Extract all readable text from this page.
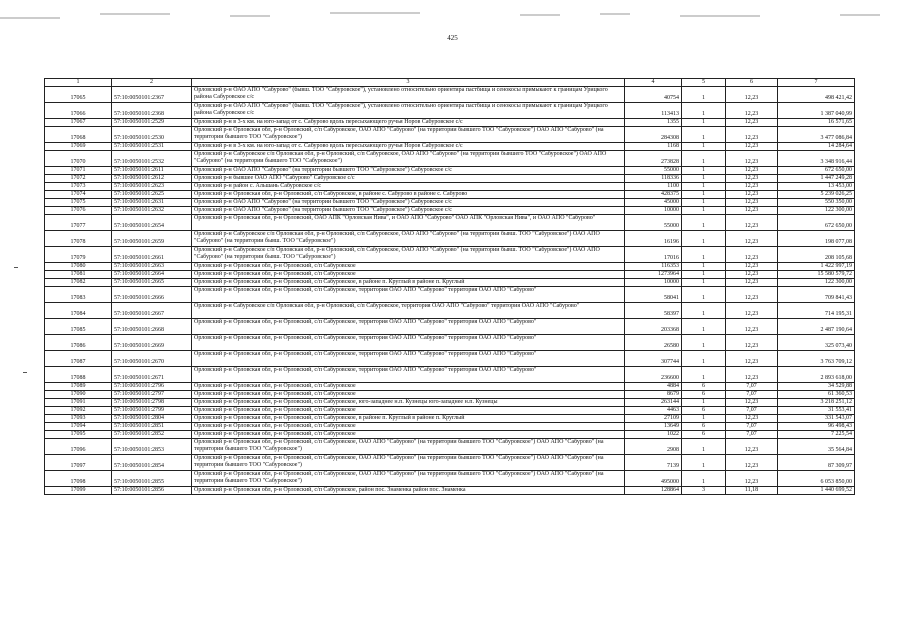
425
1	2	3	4	5	6	7
17065	57:10:0050101:2367	Орловский р-н ОАО АПО "Сабурово" (бывш. ТОО "Сабуровское"), установлено относительно ориентира пастбища и сенокосы примыкают к границам Урицкого района Сабуровское с/с	40754	1	12,23	498 421,42
17066	57:10:0050101:2368	Орловский р-н ОАО АПО "Сабурово" (бывш. ТОО "Сабуровское"), установлено относительно ориентира пастбища и сенокосы примыкают к границам Урицкого района Сабуровское с/с	113413	1	12,23	1 387 040,99
17067	57:10:0050101:2529	Орловский р-н в 3-х км. на юго-запад от с. Сабурово вдоль пересыхающего ручья Норов Сабуровское с/с	1355	1	12,23	16 571,65
17068	57:10:0050101:2530	Орловский р-н Орловская обл, р-н Орловский, с/п Сабуровское, ОАО АПО "Сабурово" (на территории бывшего ТОО "Сабуровское") ОАО АПО "Сабурово" (на территории бывшего ТОО "Сабуровское")	284308	1	12,23	3 477 086,84
17069	57:10:0050101:2531	Орловский р-н в 3-х км. на юго-запад от с. Сабурово вдоль пересыхающего ручья Норов Сабуровское с/с	1168	1	12,23	14 284,64
17070	57:10:0050101:2532	Орловский р-н Сабуровское с/п Орловская обл, р-н Орловский, с/п Сабуровское, ОАО АПО "Сабурово" (на территории бывшего ТОО "Сабуровское") ОАО АПО "Сабурово" (на территории бывшего ТОО "Сабуровское")	273828	1	12,23	3 348 916,44
17071	57:10:0050101:2611	Орловский р-н ОАО АПО "Сабурово" (на территории бывшего ТОО "Сабуровское") Сабуровское с/с	55000	1	12,23	672 650,00
17072	57:10:0050101:2612	Орловский р-н бывшее ОАО АПО "Сабурово" Сабуровское с/с	118336	1	12,23	1 447 249,28
17073	57:10:0050101:2623	Орловский р-н район с. Альшань Сабуровское с/с	1100	1	12,23	13 453,00
17074	57:10:0050101:2625	Орловский р-н Орловская обл, р-н Орловский, с/п Сабуровское, в районе с. Сабурово в районе с. Сабурово	428375	1	12,23	5 239 026,25
17075	57:10:0050101:2631	Орловский р-н ОАО АПО "Сабурово" (на территории бывшего ТОО "Сабуровское") Сабуровское с/с	45000	1	12,23	550 350,00
17076	57:10:0050101:2632	Орловский р-н ОАО АПО "Сабурово" (на территории бывшего ТОО "Сабуровское") Сабуровское с/с	10000	1	12,23	122 300,00
17077	57:10:0050101:2654	Орловский р-н Орловская обл, р-н Орловский, ОАО АПК "Орловская Нива", и ОАО АПО "Сабурово" ОАО АПК "Орловская Нива", и ОАО АПО "Сабурово"	55000	1	12,23	672 650,00
17078	57:10:0050101:2659	Орловский р-н Сабуровское с/п Орловская обл, р-н Орловский, с/п Сабуровское, ОАО АПО "Сабурово" (на территории бывш. ТОО "Сабуровское") ОАО АПО "Сабурово" (на территории бывш. ТОО "Сабуровское")	16196	1	12,23	198 077,08
17079	57:10:0050101:2661	Орловский р-н Сабуровское с/п Орловская обл, р-н Орловский, с/п Сабуровское, ОАО АПО "Сабурово" (на территории бывш. ТОО "Сабуровское") ОАО АПО "Сабурово" (на территории бывш. ТОО "Сабуровское")	17016	1	12,23	208 105,68
17080	57:10:0050101:2663	Орловский р-н Орловская обл, р-н Орловский, с/п Сабуровское	116353	1	12,23	1 422 997,19
17081	57:10:0050101:2664	Орловский р-н Орловская обл, р-н Орловский, с/п Сабуровское	1273964	1	12,23	15 580 579,72
17082	57:10:0050101:2665	Орловский р-н Орловская обл, р-н Орловский, с/п Сабуровское, в районе п. Круглый в районе п. Круглый	10000	1	12,23	122 300,00
17083	57:10:0050101:2666	Орловский р-н Орловская обл, р-н Орловский, с/п Сабуровское, территория ОАО АПО "Сабурово" территория ОАО АПО "Сабурово"	58041	1	12,23	709 841,43
17084	57:10:0050101:2667	Орловский р-н Сабуровское с/п Орловская обл, р-н Орловский, с/п Сабуровское, территория ОАО АПО "Сабурово" территория ОАО АПО "Сабурово"	58397	1	12,23	714 195,31
17085	57:10:0050101:2668	Орловский р-н Орловская обл, р-н Орловский, с/п Сабуровское, территория ОАО АПО "Сабурово" территория ОАО АПО "Сабурово"	203368	1	12,23	2 487 190,64
17086	57:10:0050101:2669	Орловский р-н Орловская обл, р-н Орловский, с/п Сабуровское, территория ОАО АПО "Сабурово" территория ОАО АПО "Сабурово"	26580	1	12,23	325 073,40
17087	57:10:0050101:2670	Орловский р-н Орловская обл, р-н Орловский, с/п Сабуровское, территория ОАО АПО "Сабурово" территория ОАО АПО "Сабурово"	307744	1	12,23	3 763 709,12
17088	57:10:0050101:2671	Орловский р-н Орловская обл, р-н Орловский, с/п Сабуровское, территория ОАО АПО "Сабурово" территория ОАО АПО "Сабурово"	236600	1	12,23	2 893 618,00
17089	57:10:0050101:2796	Орловский р-н Орловская обл, р-н Орловский, с/п Сабуровское	4884	6	7,07	34 529,88
17090	57:10:0050101:2797	Орловский р-н Орловская обл, р-н Орловский, с/п Сабуровское	8679	6	7,07	61 360,53
17091	57:10:0050101:2798	Орловский р-н Орловская обл, р-н Орловский, с/п Сабуровское, юго-западнее н.п. Кузнецы юго-западнее н.п. Кузнецы	263144	1	12,23	3 218 251,12
17092	57:10:0050101:2799	Орловский р-н Орловская обл, р-н Орловский, с/п Сабуровское	4463	6	7,07	31 553,41
17093	57:10:0050101:2804	Орловский р-н Орловская обл, р-н Орловский, с/п Сабуровское, в районе п. Круглый в районе п. Круглый	27109	1	12,23	331 543,07
17094	57:10:0050101:2851	Орловский р-н Орловская обл, р-н Орловский, с/п Сабуровское	13649	6	7,07	96 498,43
17095	57:10:0050101:2852	Орловский р-н Орловская обл, р-н Орловский, с/п Сабуровское	1022	6	7,07	7 225,54
17096	57:10:0050101:2853	Орловский р-н Орловская обл, р-н Орловский, с/п Сабуровское, ОАО АПО "Сабурово" (на территории бывшего ТОО "Сабуровское") ОАО АПО "Сабурово" (на территории бывшего ТОО "Сабуровское")	2908	1	12,23	35 564,84
17097	57:10:0050101:2854	Орловский р-н Орловская обл, р-н Орловский, с/п Сабуровское, ОАО АПО "Сабурово" (на территории бывшего ТОО "Сабуровское") ОАО АПО "Сабурово" (на территории бывшего ТОО "Сабуровское")	7139	1	12,23	87 309,97
17098	57:10:0050101:2855	Орловский р-н Орловская обл, р-н Орловский, с/п Сабуровское, ОАО АПО "Сабурово" (на территории бывшего ТОО "Сабуровское") ОАО АПО "Сабурово" (на территории бывшего ТОО "Сабуровское")	495000	1	12,23	6 053 850,00
17099	57:10:0050101:2856	Орловский р-н Орловская обл, р-н Орловский, с/п Сабуровское, район пос. Знаменка район пос. Знаменка	128864	3	11,18	1 440 699,52
